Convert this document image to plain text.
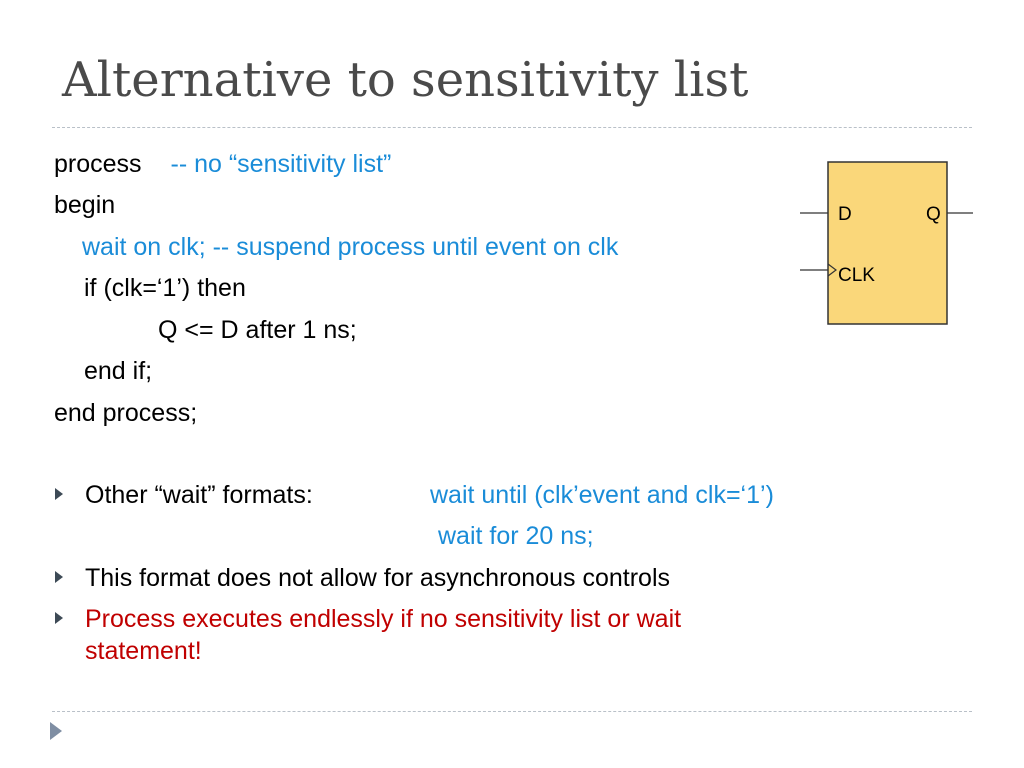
Alternative to sensitivity list
process -- no “sensitivity list”
begin
wait on clk; -- suspend process until event on clk
if (clk=‘1’) then
Q <= D after 1 ns;
end if;
end process;
Other “wait” formats:	wait until (clk’event and clk=‘1’)
wait for 20 ns;
This format does not allow for asynchronous controls
Process executes endlessly if no sensitivity list or wait
statement!
D	Q
CLK
